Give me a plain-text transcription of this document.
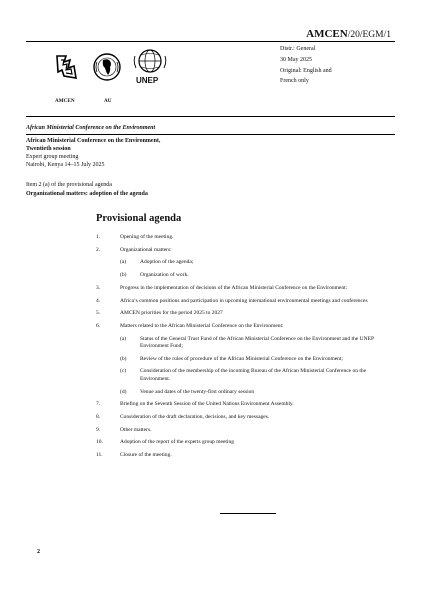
AMCEN/20/EGM/1
Distr.: General
30 May 2025
Original: English and
French only
AMCEN	AU
UNEP
African Ministerial Conference on the Environment
African Ministerial Conference on the Environment,
Twentieth session
Expert group meeting
Nairobi, Kenya 14–15 July 2025
Item 2 (a) of the provisional agenda
Organizational matters: adoption of the agenda
Provisional agenda
1.	Opening of the meeting.
2.	Organizational matters:
(a)	Adoption of the agenda;
(b) Organization of work.
3.	Progress in the implementation of decisions of the African Ministerial Conference on the Environment:
4.	Africa’s common positions and participation in upcoming international environmental meetings and conferences
5.	AMCEN priorities for the period 2025 to 2027
6.	Matters related to the African Ministerial Conference on the Environment:
(a)	Status of the General Trust Fund of the African Ministerial Conference on the Environment and the UNEP Environment Fund;
(b) Review of the rules of procedure of the African Ministerial Conference on the Environment;
(c)	Consideration of the membership of the incoming Bureau of the African Ministerial Conference on the Environment.
(d) Venue and dates of the twenty-first ordinary session
7.	Briefing on the Seventh Session of the United Nations Environment Assembly.
8.	Consideration of the draft declaration, decisions, and key messages.
9.	Other matters.
10.	Adoption of the report of the experts group meeting
11.	Closure of the meeting.
2
